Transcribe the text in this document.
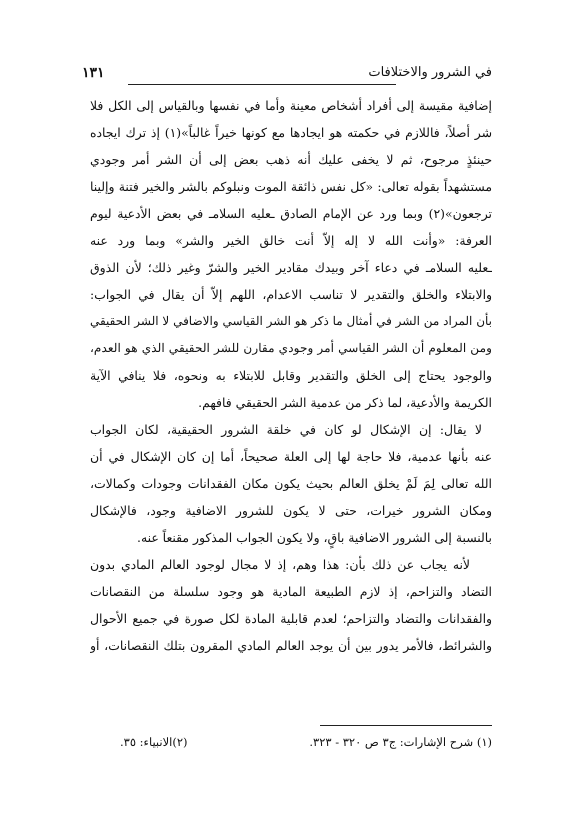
في الشرور والاختلافات
١٣١
إضافية مقيسة إلى أفراد أشخاص معينة وأما في نفسها وبالقياس إلى الكل فلا
شر أصلاً، فاللازم في حكمته هو ايجادها مع كونها خيراً غالباً»(١) إذ ترك ايجاده
حينئذٍ مرجوح، ثم لا يخفى عليك أنه ذهب بعض إلى أن الشر أمر وجودي
مستشهداً بقوله تعالى: «كل نفس ذائقة الموت ونبلوكم بالشر والخير فتنة وإلينا
ترجعون»(٢) وبما ورد عن الإمام الصادق ـعليه السلامـ في بعض الأدعية ليوم
العرفة: «وأنت الله لا إله إلاّ أنت خالق الخير والشر» وبما ورد عنه
ـعليه السلامـ في دعاء آخر وبيدك مقادير الخير والشرّ وغير ذلك؛ لأن الذوق
والابتلاء والخلق والتقدير لا تناسب الاعدام، اللهم إلاّ أن يقال في الجواب:
بأن المراد من الشر في أمثال ما ذكر هو الشر القياسي والاضافي لا الشر الحقيقي
ومن المعلوم أن الشر القياسي أمر وجودي مقارن للشر الحقيقي الذي هو العدم،
والوجود يحتاج إلى الخلق والتقدير وقابل للابتلاء به ونحوه، فلا ينافي الآية
الكريمة والأدعية، لما ذكر من عدمية الشر الحقيقي فافهم.
لا يقال: إن الإشكال لو كان في خلقة الشرور الحقيقية، لكان الجواب
عنه بأنها عدمية، فلا حاجة لها إلى العلة صحيحاً، أما إن كان الإشكال في أن
الله تعالى لِمَ لَمْ يخلق العالم بحيث يكون مكان الفقدانات وجودات وكمالات،
ومكان الشرور خيرات، حتى لا يكون للشرور الاضافية وجود، فالإشكال
بالنسبة إلى الشرور الاضافية باقٍ، ولا يكون الجواب المذكور مقنعاً عنه.
لأنه يجاب عن ذلك بأن: هذا وهم، إذ لا مجال لوجود العالم المادي بدون
التضاد والتزاحم، إذ لازم الطبيعة المادية هو وجود سلسلة من النقصانات
والفقدانات والتضاد والتزاحم؛ لعدم قابلية المادة لكل صورة في جميع الأحوال
والشرائط، فالأمر يدور بين أن يوجد العالم المادي المقرون بتلك النقصانات، أو
(١) شرح الإشارات: ج٣ ص ٣٢٠ - ٣٢٣.
(٢)الانبياء: ٣٥.
